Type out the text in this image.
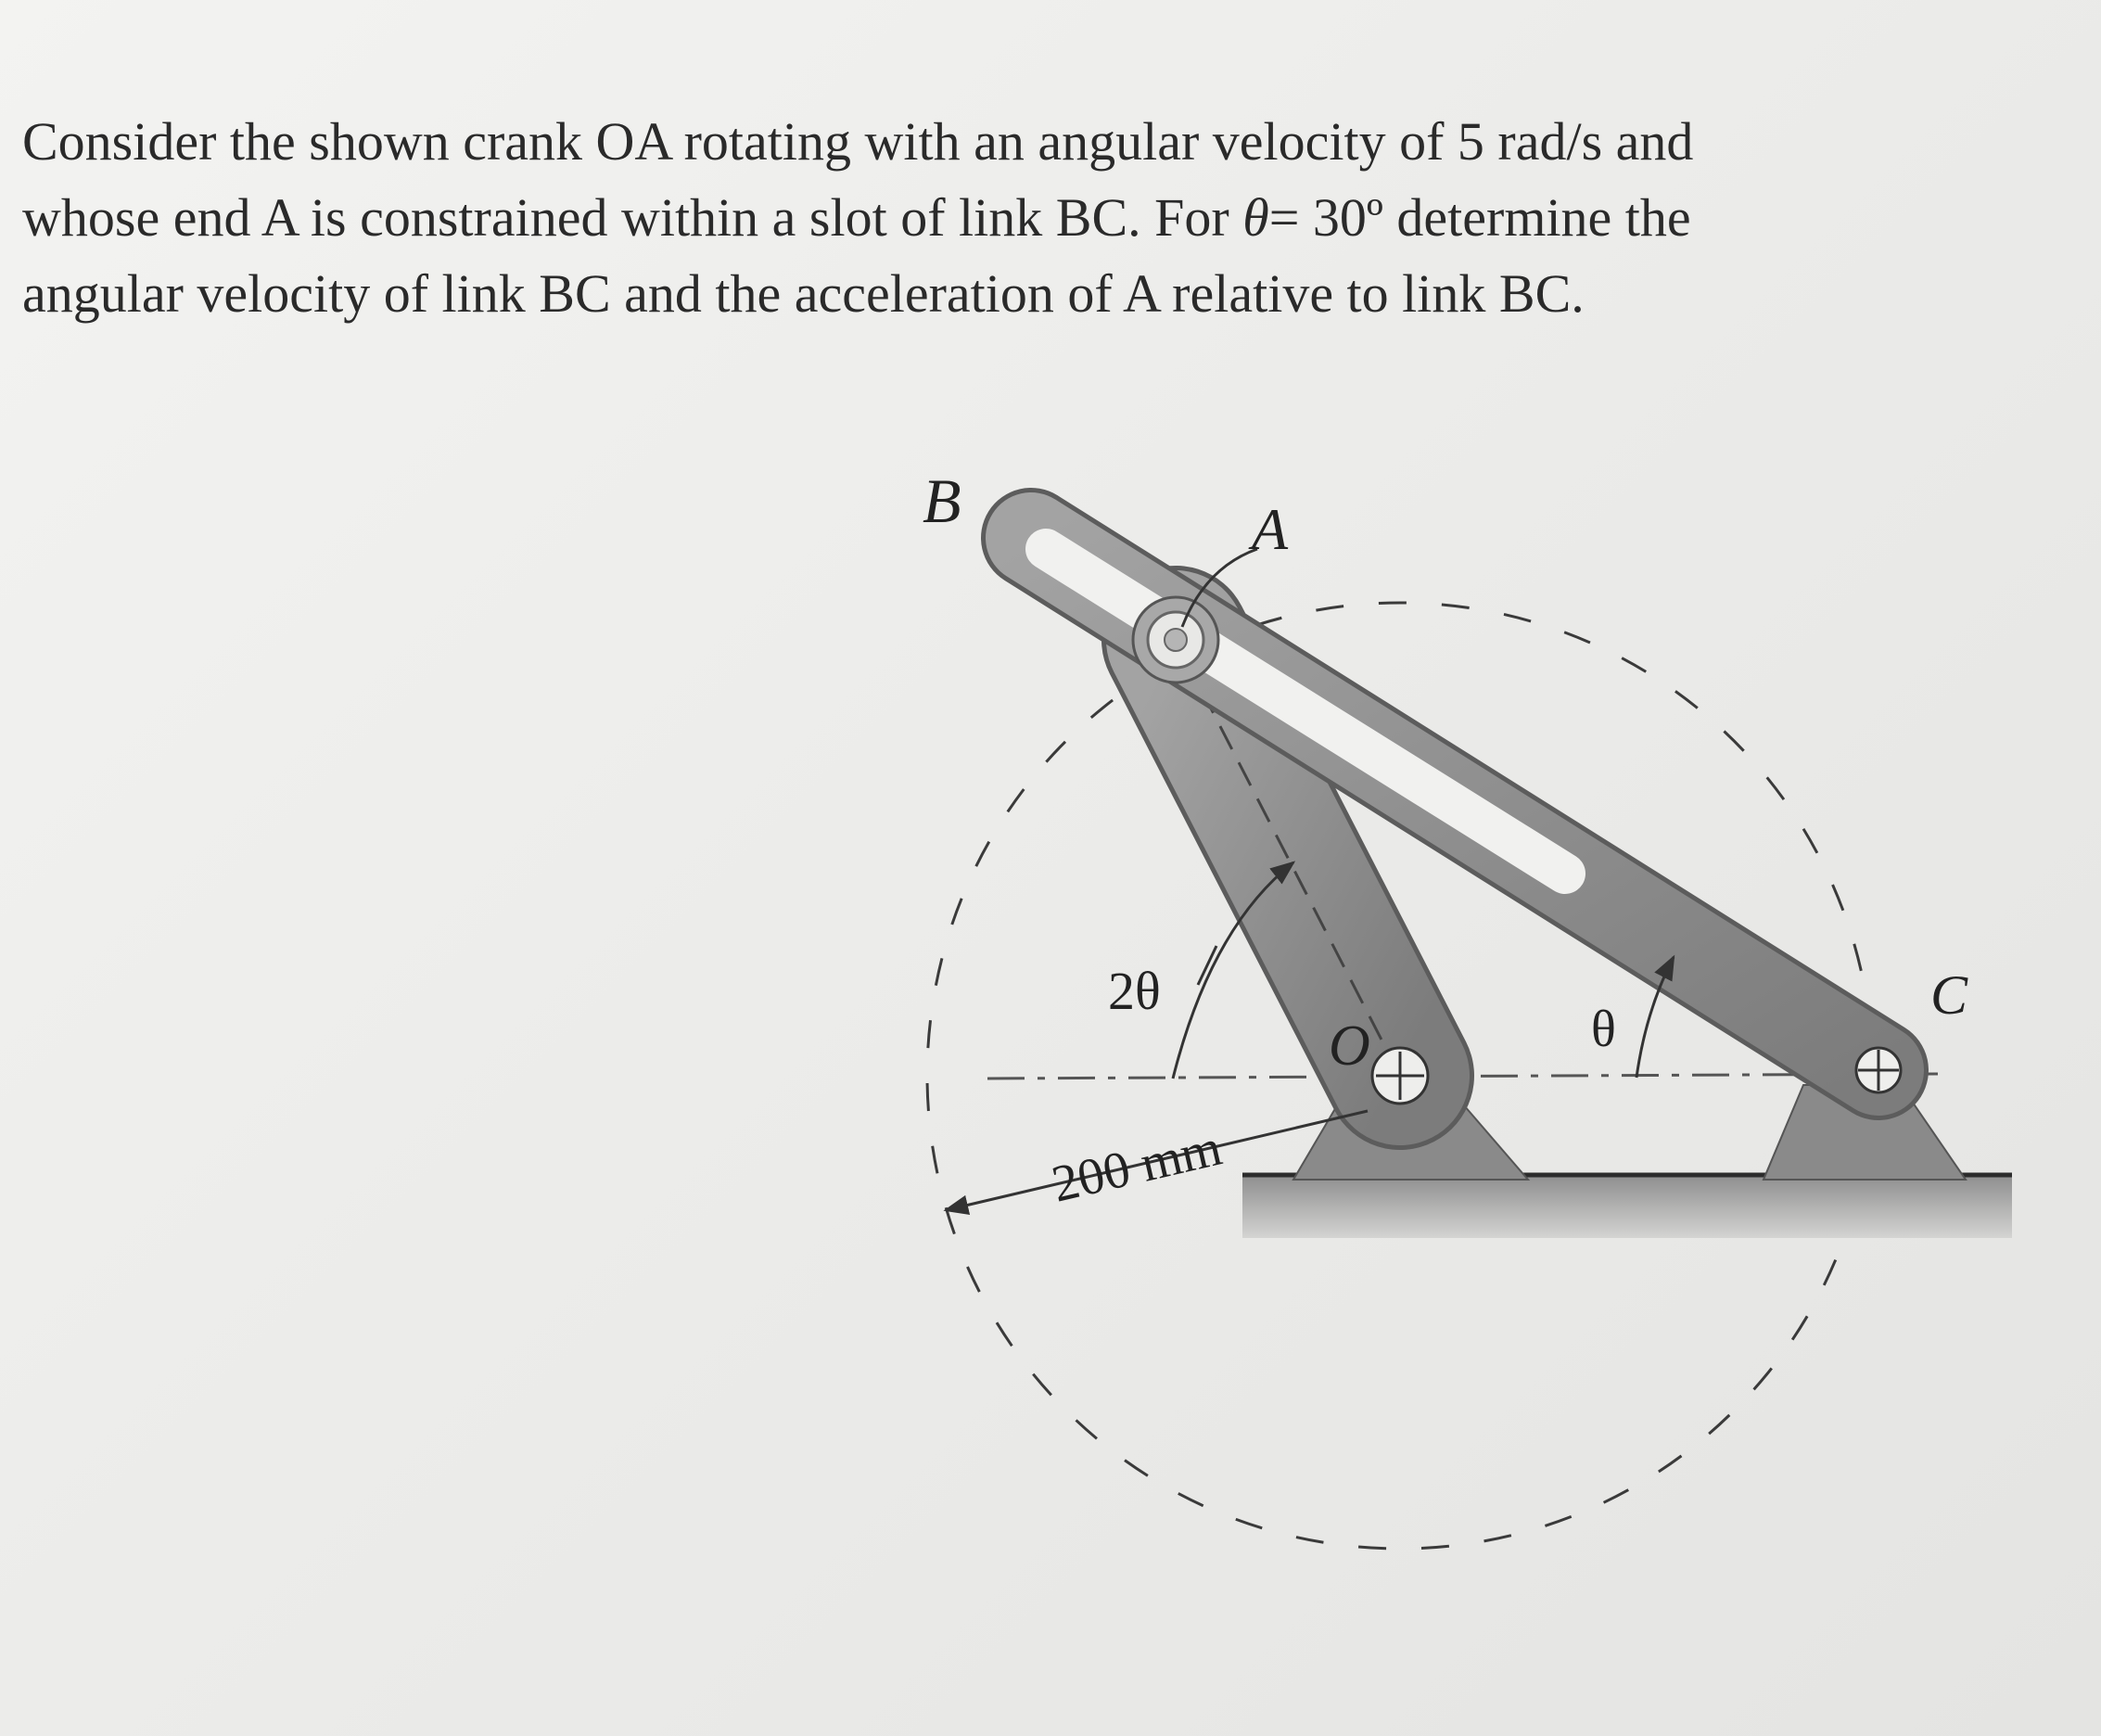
Consider the shown crank OA rotating with an angular velocity of 5 rad/s and
whose end A is constrained within a slot of link BC. For θ= 30º determine the
angular velocity of link BC and the acceleration of A relative to link BC.
B	A
C
O
2θ
θ
200 mm
